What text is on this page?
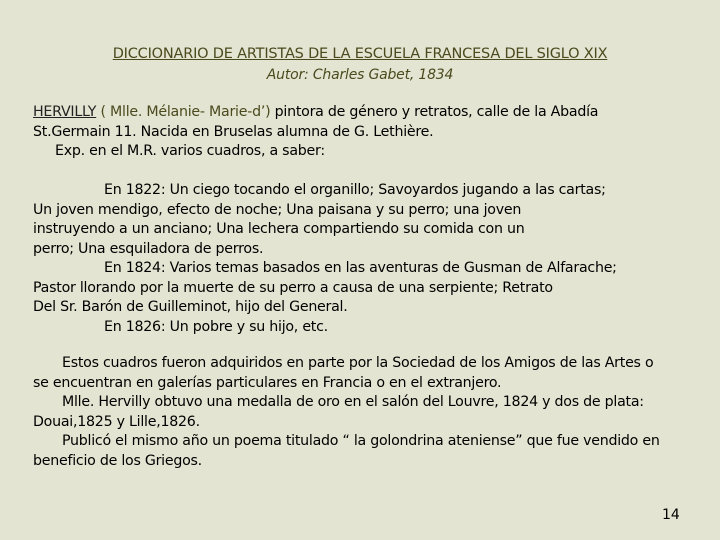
DICCIONARIO DE ARTISTAS DE LA ESCUELA FRANCESA DEL SIGLO XIX
Autor: Charles Gabet, 1834
HERVILLY ( Mlle. Mélanie- Marie-d’) pintora de género y retratos, calle de la Abadía
St.Germain 11. Nacida en Bruselas alumna de G. Lethière.
Exp. en el M.R. varios cuadros, a saber:
En 1822: Un ciego tocando el organillo; Savoyardos jugando a las cartas;
Un joven mendigo, efecto de noche; Una paisana y su perro; una joven
instruyendo a un anciano; Una lechera compartiendo su comida con un
perro; Una esquiladora de perros.
En 1824: Varios temas basados en las aventuras de Gusman de Alfarache;
Pastor llorando por la muerte de su perro a causa de una serpiente; Retrato
Del Sr. Barón de Guilleminot, hijo del General.
En 1826: Un pobre y su hijo, etc.
Estos cuadros fueron adquiridos en parte por la Sociedad de los Amigos de las Artes o
se encuentran en galerías particulares en Francia o en el extranjero.
Mlle. Hervilly obtuvo una medalla de oro en el salón del Louvre, 1824 y dos de plata:
Douai,1825 y Lille,1826.
Publicó el mismo año un poema titulado “ la golondrina ateniense” que fue vendido en
beneficio de los Griegos.
14
